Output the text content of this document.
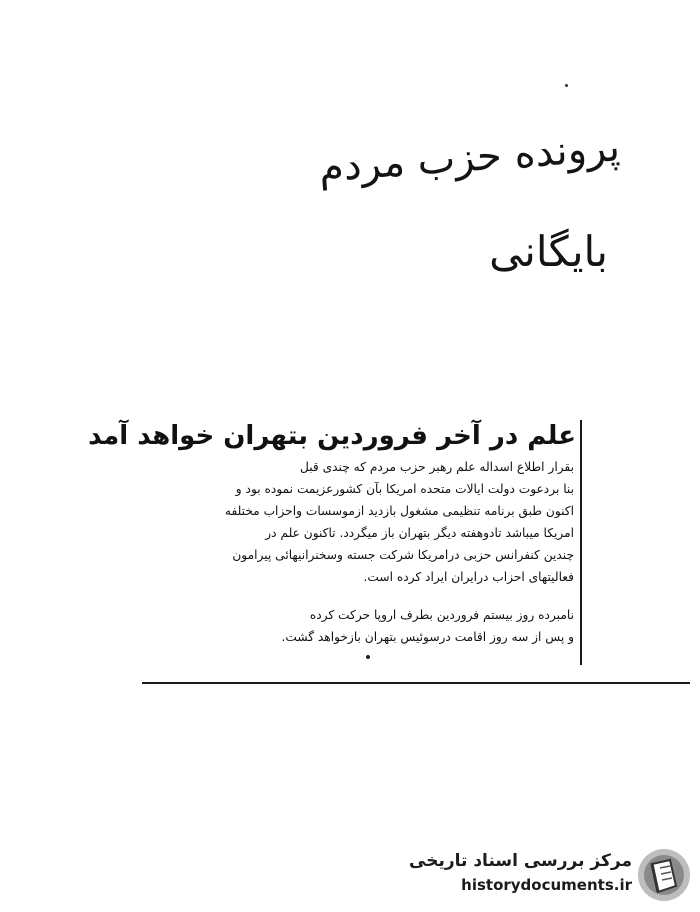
پرونده حزب مردم
بایگانی
علم در آخر فروردین بتهران خواهد آمد
بقرار اطلاع اسداله علم رهبر حزب مردم که چندی قبل
بنا بردعوت دولت ایالات متحده امریکا بآن کشورعزیمت نموده بود و
اکنون طبق برنامه تنظیمی مشغول بازدید ازموسسات واحزاب مختلفه
امریکا میباشد تادوهفته دیگر بتهران باز میگردد. تاکنون علم در
چندین کنفرانس حزبی درامریکا شرکت جسته وسخنرانیهائی پیرامون
فعالیتهای احزاب درایران ایراد کرده است.
نامبرده روز بیستم فروردین بطرف اروپا حرکت کرده
و پس از سه روز اقامت درسوئیس بتهران بازخواهد گشت.
مرکز بررسی اسناد تاریخی
historydocuments.ir
